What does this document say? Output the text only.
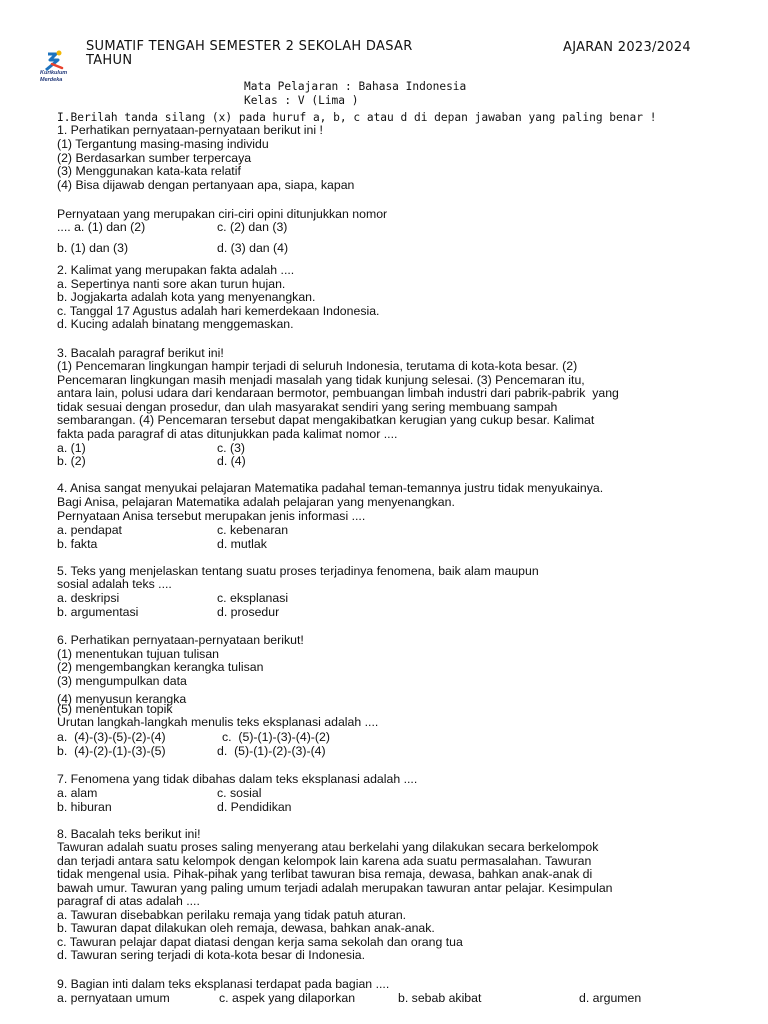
Kurikulum
Merdeka
SUMATIF TENGAH SEMESTER 2 SEKOLAH DASAR
TAHUN
AJARAN 2023/2024
Mata Pelajaran : Bahasa Indonesia
Kelas : V (Lima )
I.Berilah tanda silang (x) pada huruf a, b, c atau d di depan jawaban yang paling benar !
1. Perhatikan pernyataan-pernyataan berikut ini !
(1) Tergantung masing-masing individu
(2) Berdasarkan sumber terpercaya
(3) Menggunakan kata-kata relatif
(4) Bisa dijawab dengan pertanyaan apa, siapa, kapan
Pernyataan yang merupakan ciri-ciri opini ditunjukkan nomor
.... a. (1) dan (2)	c. (2) dan (3)
b. (1) dan (3)	d. (3) dan (4)
2. Kalimat yang merupakan fakta adalah ....
a. Sepertinya nanti sore akan turun hujan.
b. Jogjakarta adalah kota yang menyenangkan.
c. Tanggal 17 Agustus adalah hari kemerdekaan Indonesia.
d. Kucing adalah binatang menggemaskan.
3. Bacalah paragraf berikut ini!
(1) Pencemaran lingkungan hampir terjadi di seluruh Indonesia, terutama di kota-kota besar. (2)
Pencemaran lingkungan masih menjadi masalah yang tidak kunjung selesai. (3) Pencemaran itu,
antara lain, polusi udara dari kendaraan bermotor, pembuangan limbah industri dari pabrik-pabrik  yang
tidak sesuai dengan prosedur, dan ulah masyarakat sendiri yang sering membuang sampah
sembarangan. (4) Pencemaran tersebut dapat mengakibatkan kerugian yang cukup besar. Kalimat
fakta pada paragraf di atas ditunjukkan pada kalimat nomor ....
a. (1)	c. (3)
b. (2)	d. (4)
4. Anisa sangat menyukai pelajaran Matematika padahal teman-temannya justru tidak menyukainya.
Bagi Anisa, pelajaran Matematika adalah pelajaran yang menyenangkan.
Pernyataan Anisa tersebut merupakan jenis informasi ....
a. pendapat	c. kebenaran
b. fakta	d. mutlak
5. Teks yang menjelaskan tentang suatu proses terjadinya fenomena, baik alam maupun
sosial adalah teks ....
a. deskripsi	c. eksplanasi
b. argumentasi	d. prosedur
6. Perhatikan pernyataan-pernyataan berikut!
(1) menentukan tujuan tulisan
(2) mengembangkan kerangka tulisan
(3) mengumpulkan data
(4) menyusun kerangka
(5) menentukan topik
Urutan langkah-langkah menulis teks eksplanasi adalah ....
a.  (4)-(3)-(5)-(2)-(4)	c.  (5)-(1)-(3)-(4)-(2)
b.  (4)-(2)-(1)-(3)-(5)	d.  (5)-(1)-(2)-(3)-(4)
7. Fenomena yang tidak dibahas dalam teks eksplanasi adalah ....
a. alam	c. sosial
b. hiburan	d. Pendidikan
8. Bacalah teks berikut ini!
Tawuran adalah suatu proses saling menyerang atau berkelahi yang dilakukan secara berkelompok
dan terjadi antara satu kelompok dengan kelompok lain karena ada suatu permasalahan. Tawuran
tidak mengenal usia. Pihak-pihak yang terlibat tawuran bisa remaja, dewasa, bahkan anak-anak di
bawah umur. Tawuran yang paling umum terjadi adalah merupakan tawuran antar pelajar. Kesimpulan
paragraf di atas adalah ....
a. Tawuran disebabkan perilaku remaja yang tidak patuh aturan.
b. Tawuran dapat dilakukan oleh remaja, dewasa, bahkan anak-anak.
c. Tawuran pelajar dapat diatasi dengan kerja sama sekolah dan orang tua
d. Tawuran sering terjadi di kota-kota besar di Indonesia.
9. Bagian inti dalam teks eksplanasi terdapat pada bagian ....
a. pernyataan umum	c. aspek yang dilaporkan	b. sebab akibat	d. argumen
